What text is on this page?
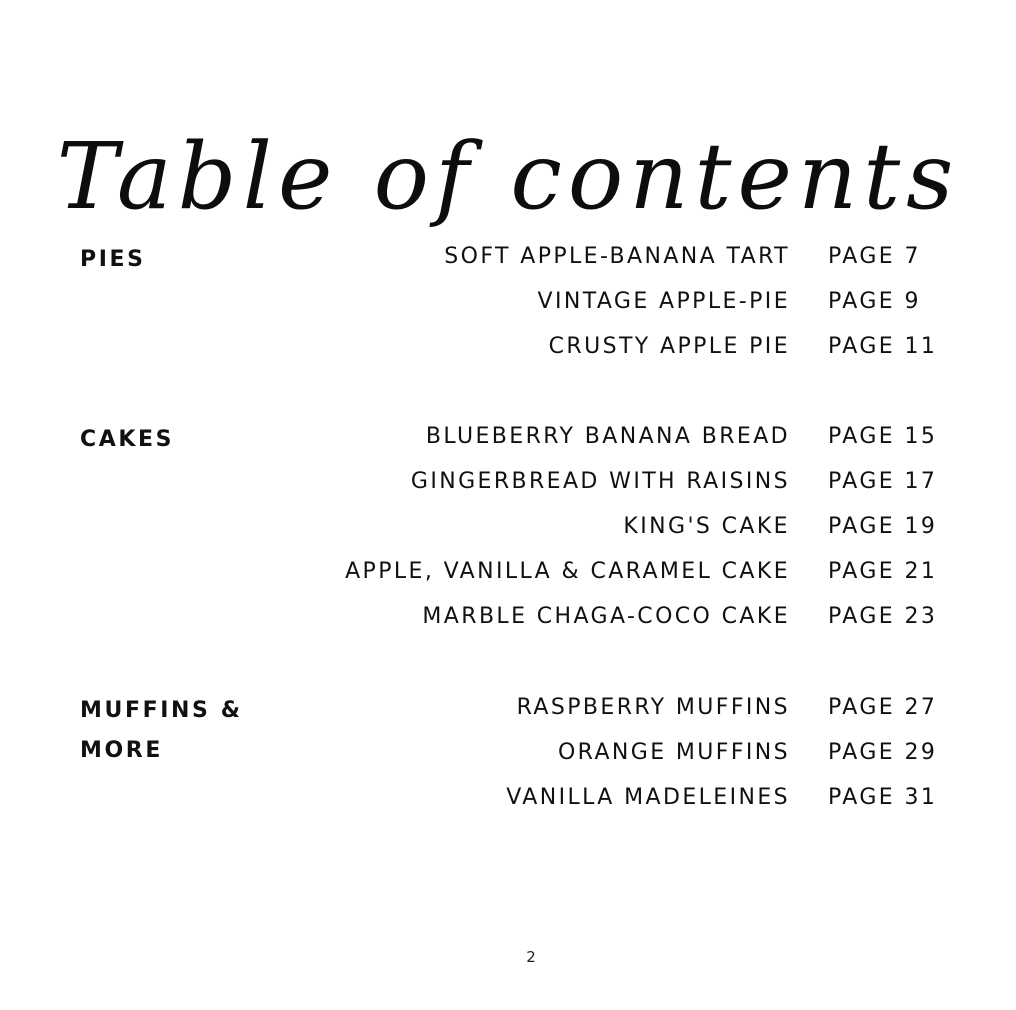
Table of contents
PIES	SOFT APPLE-BANANA TART PAGE 7
VINTAGE APPLE-PIE PAGE 9
CRUSTY APPLE PIE PAGE 11
CAKES	BLUEBERRY BANANA BREAD PAGE 15
GINGERBREAD WITH RAISINS PAGE 17
KING'S CAKE PAGE 19
APPLE, VANILLA & CARAMEL CAKE PAGE 21
MARBLE CHAGA-COCO CAKE PAGE 23
MUFFINS &
MORE
RASPBERRY MUFFINS PAGE 27
ORANGE MUFFINS PAGE 29
VANILLA MADELEINES PAGE 31
2
